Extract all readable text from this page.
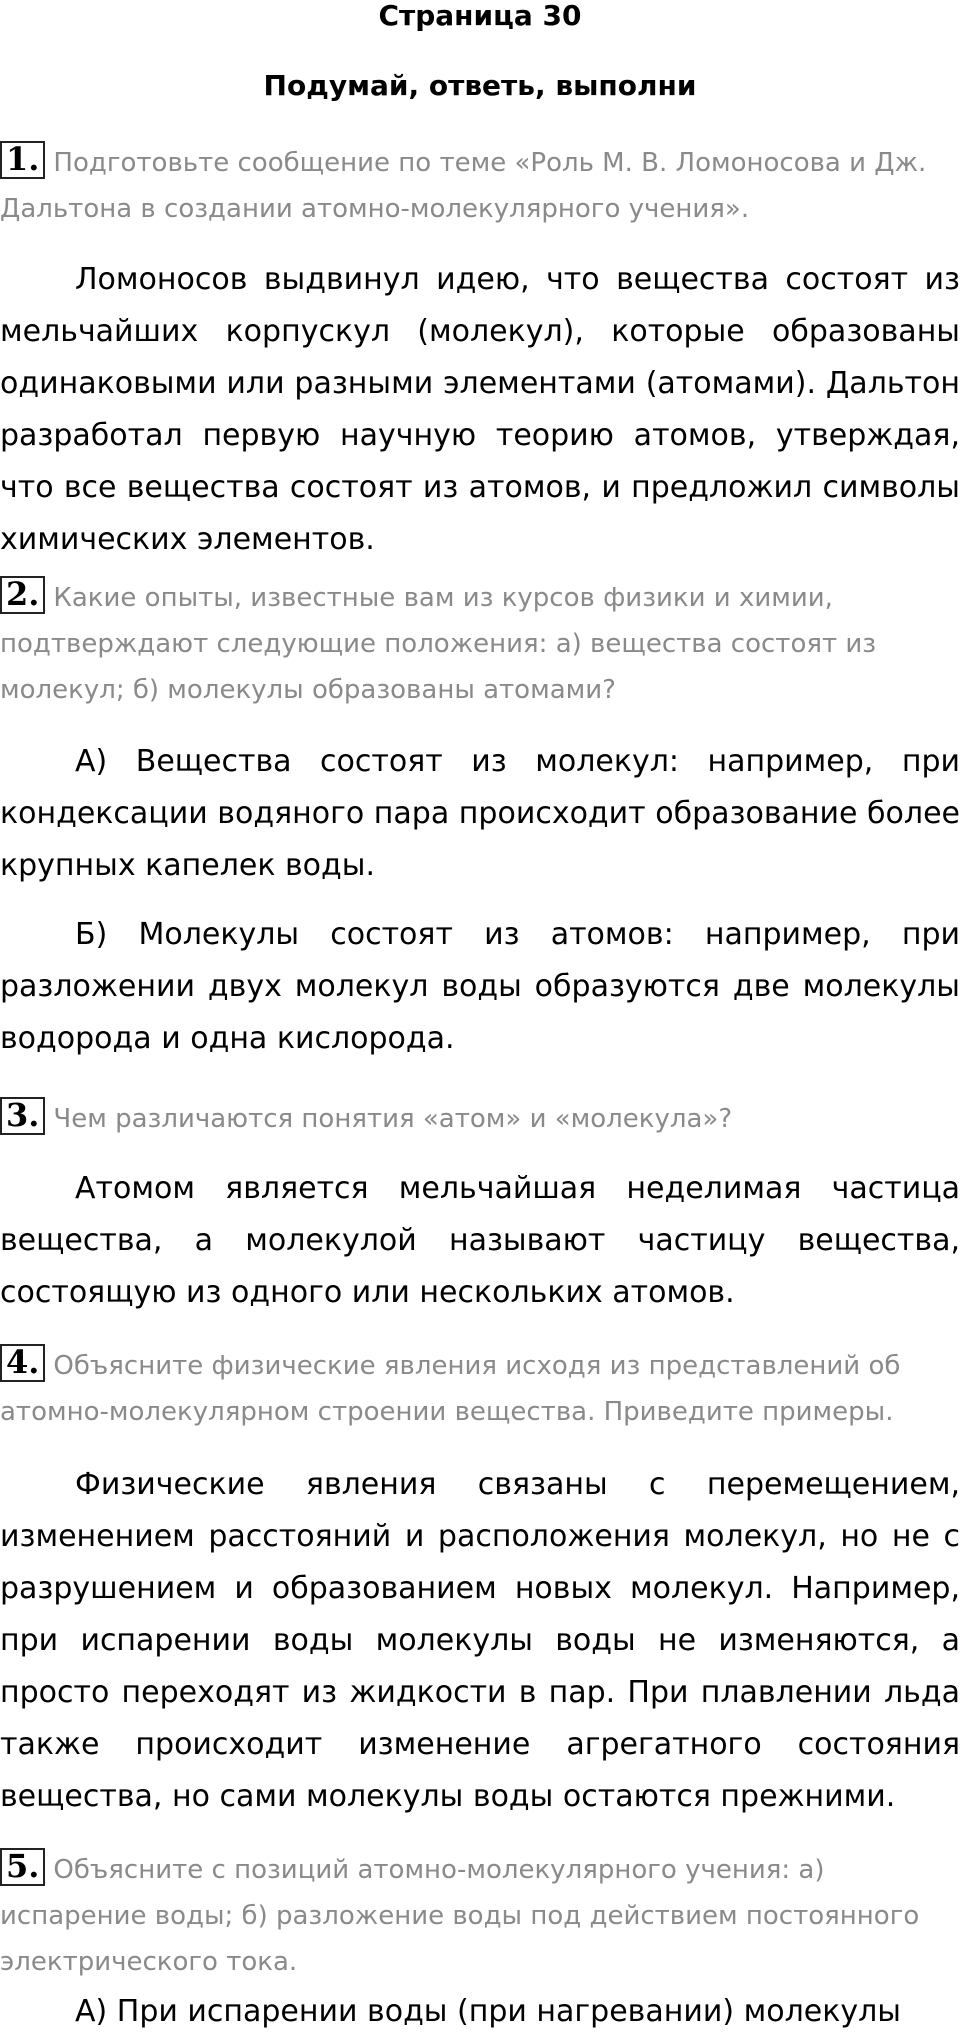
Страница 30
Подумай, ответь, выполни
1. Подготовьте сообщение по теме «Роль М. В. Ломоносова и Дж. Дальтона в создании атомно-молекулярного учения».
Ломоносов выдвинул идею, что вещества состоят из мельчайших корпускул (молекул), которые образованы одинаковыми или разными элементами (атомами). Дальтон разработал первую научную теорию атомов, утверждая, что все вещества состоят из атомов, и предложил символы химических элементов.
2. Какие опыты, известные вам из курсов физики и химии, подтверждают следующие положения: а) вещества состоят из молекул; б) молекулы образованы атомами?
А) Вещества состоят из молекул: например, при кондексации водяного пара происходит образование более крупных капелек воды.
Б) Молекулы состоят из атомов: например, при разложении двух молекул воды образуются две молекулы водорода и одна кислорода.
3. Чем различаются понятия «атом» и «молекула»?
Атомом является мельчайшая неделимая частица вещества, а молекулой называют частицу вещества, состоящую из одного или нескольких атомов.
4. Объясните физические явления исходя из представлений об атомно-молекулярном строении вещества. Приведите примеры.
Физические явления связаны с перемещением, изменением расстояний и расположения молекул, но не с разрушением и образованием новых молекул. Например, при испарении воды молекулы воды не изменяются, а просто переходят из жидкости в пар. При плавлении льда также происходит изменение агрегатного состояния вещества, но сами молекулы воды остаются прежними.
5. Объясните с позиций атомно-молекулярного учения: а) испарение воды; б) разложение воды под действием постоянного электрического тока.
А) При испарении воды (при нагревании) молекулы
